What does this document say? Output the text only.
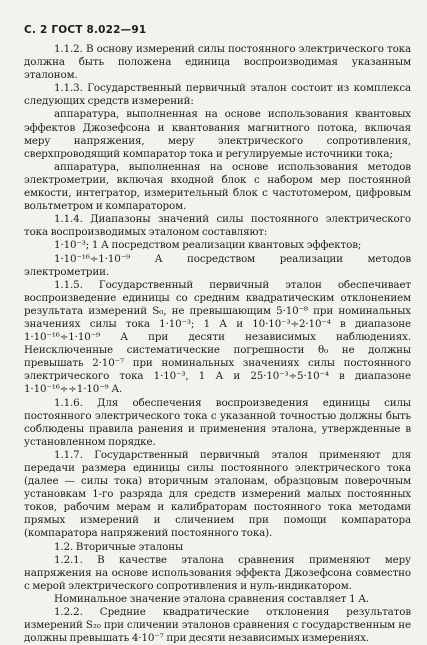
С. 2 ГОСТ 8.022—91

1.1.2. В основу измерений силы постоянного электрического тока должна быть положена единица воспроизводимая указанным эталоном.

1.1.3. Государственный первичный эталон состоит из комплекса следующих средств измерений:

аппаратура, выполненная на основе использования квантовых эффектов Джозефсона и квантования магнитного потока, включая меру напряжения, меру электрического сопротивления, сверхпроводящий компаратор тока и регулируемые источники тока;

аппаратура, выполненная на основе использования методов электрометрии, включая входной блок с набором мер постоянной емкости, интегратор, измерительный блок с частотомером, цифровым вольтметром и компаратором.

1.1.4. Диапазоны значений силы постоянного электрического тока воспроизводимых эталоном составляют:

1·10⁻³; 1 А посредством реализации квантовых эффектов;

1·10⁻¹⁶÷1·10⁻⁹ А посредством реализации методов электрометрии.

1.1.5. Государственный первичный эталон обеспечивает воспроизведение единицы со средним квадратическим отклонением результата измерений S₀, не превышающим 5·10⁻⁸ при номинальных значениях силы тока 1·10⁻³; 1 А и 10·10⁻³÷2·10⁻⁴ в диапазоне 1·10⁻¹⁶÷1·10⁻⁹ А при десяти независимых наблюдениях. Неисключенные систематические погрешности θ₀ не должны превышать 2·10⁻⁷ при номинальных значениях силы постоянного электрического тока 1·10⁻³, 1 А и 25·10⁻³÷5·10⁻⁴ в диапазоне 1·10⁻¹⁶÷÷1·10⁻⁹ А.

1.1.6. Для обеспечения воспроизведения единицы силы постоянного электрического тока с указанной точностью должны быть соблюдены правила ранения и применения эталона, утвержденные в установленном порядке.

1.1.7. Государственный первичный эталон применяют для передачи размера единицы силы постоянного электрического тока (далее — силы тока) вторичным эталонам, образцовым поверочным установкам 1-го разряда для средств измерений малых постоянных токов, рабочим мерам и калибраторам постоянного тока методами прямых измерений и сличением при помощи компаратора (компаратора напряжений постоянного тока).

1.2. Вторичные эталоны

1.2.1. В качестве эталона сравнения применяют меру напряжения на основе использования эффекта Джозефсона совместно с мерой электрического сопротивления и нуль-индикатором.

Номинальное значение эталона сравнения составляет 1 А.

1.2.2. Средние квадратические отклонения результатов измерений S₂₀ при сличении эталонов сравнения с государственным не должны превышать 4·10⁻⁷ при десяти независимых измерениях.
